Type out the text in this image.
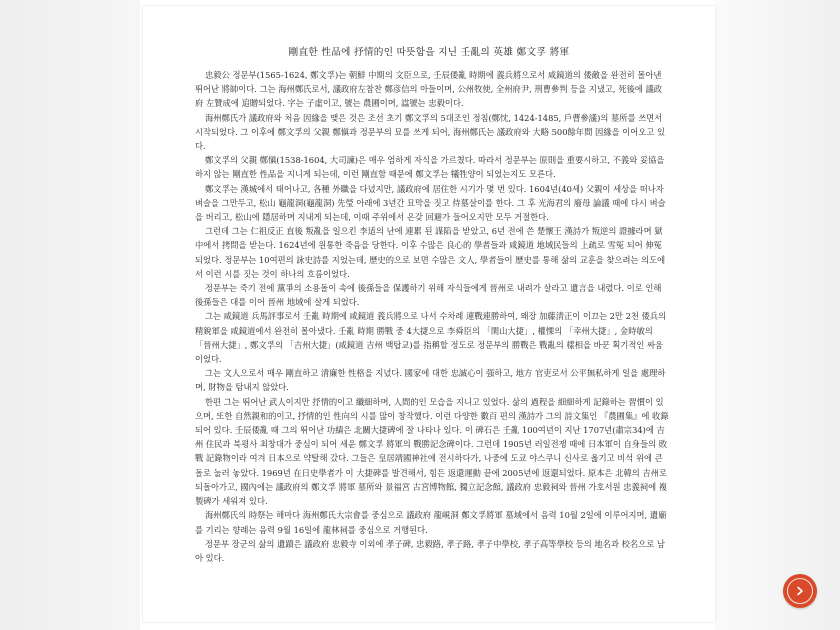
剛直한 性品에 抒情的인 따뜻함을 지닌 壬亂의 英雄 鄭文孚 將軍

忠毅公 정문부(1565-1624, 鄭文孚)는 朝鮮 中期의 文臣으로, 壬辰倭亂 時期에 義兵將으로서 咸鏡道의 倭敵을 완전히 몰아낸 뛰어난 將帥이다. 그는 海州鄭氏로서, 議政府左참찬 鄭彦信의 아들이며, 公州牧使, 全州府尹, 刑曹參判 등을 지냈고, 死後에 議政府 左贊成에 追贈되었다. 字는 子虛이고, 號는 農圃이며, 諡號는 忠毅이다.

海州鄭氏가 議政府와 처음 因緣을 맺은 것은 조선 초기 鄭文孚의 5대조인 정침(鄭忱, 1424-1485, 戶曹參議)의 墓所를 쓰면서 시작되었다. 그 이후에 鄭文孚의 父親 鄭愼과 정문부의 묘를 쓰게 되어, 海州鄭氏는 議政府와 大略 500餘年間 因緣을 이어오고 있다.

鄭文孚의 父親 鄭愼(1538-1604, 大司諫)은 매우 엄하게 자식을 가르쳤다. 따라서 정문부는 原則을 重要시하고, 不義와 妥協을 하지 않는 剛直한 性品을 지니게 되는데, 이런 剛直함 때문에 鄭文孚는 犧牲양이 되었는지도 모른다.

鄭文孚는 漢城에서 태어나고, 各種 外職을 다녔지만, 議政府에 居住한 시기가 몇 번 있다. 1604년(40세) 父親이 세상을 떠나자 벼슬을 그만두고, 松山 龜龍洞(龜龍洞) 先瑩 아래에 3년간 묘막을 짓고 侍墓살이를 한다. 그 후 光海君의 廢母 論議 때에 다시 벼슬을 버리고, 松山에 隱居하며 지내게 되는데, 이때 주위에서 온갖 回避가 들어오지만 모두 거절한다.

그런데 그는 仁祖反正 直後 叛亂을 일으킨 李适의 난에 連累 된 謀陷을 받았고, 6년 전에 쓴 楚懷王 漢詩가 叛逆의 證據라며 獄中에서 拷問을 받는다. 1624년에 원통한 죽음을 당한다. 이후 수많은 良心的 學者들과 咸鏡道 地域民들의 上疏로 雪冤 되어 伸冤되었다. 정문부는 10여편의 詠史詩를 지었는데, 歷史的으로 보면 수많은 文人, 學者들이 歷史를 통해 삶의 교훈을 찾으려는 의도에서 이런 시를 짓는 것이 하나의 흐름이었다.

정문부는 죽기 전에 黨爭의 소용돌이 속에 後孫들을 保護하기 위해 자식들에게 晉州로 내려가 살라고 遺言을 내렸다. 이로 인해 後孫들은 대를 이어 晉州 地域에 살게 되었다.

그는 咸鏡道 兵馬評事로서 壬亂 時期에 咸鏡道 義兵將으로 나서 수차례 連戰連勝하여, 왜장 加藤淸正이 이끄는 2만 2천 倭兵의 精銳軍을 咸鏡道에서 완전히 몰아냈다. 壬亂 時期 勝戰 중 4大捷으로 李舜臣의 「閑山大捷」, 權慄의 「幸州大捷」, 金時敏의 「晉州大捷」, 鄭文孚의 「吉州大捷」(咸鏡道 吉州 백탑교)를 指稱할 정도로 정문부의 勝戰은 戰亂의 樣相을 바꾼 획기적인 싸움이었다.

그는 文人으로서 매우 剛直하고 清廉한 性格을 지녔다. 國家에 대한 忠誠心이 强하고, 地方 官吏로서 公平無私하게 일을 處理하며, 財物을 탐내지 않았다.

한편 그는 뛰어난 武人이지만 抒情的이고 纖細하며, 人間的인 모습을 지니고 있었다. 삶의 過程을 細細하게 記錄하는 習慣이 있으며, 또한 自然親和的이고, 抒情的인 性向의 시를 많이 창작했다. 이런 다양한 數百 편의 漢詩가 그의 詩文集인 『農圃集』에 收錄되어 있다. 壬辰倭亂 때 그의 뛰어난 功績은 北關大捷碑에 잘 나타나 있다. 이 碑石은 壬亂 100여년이 지난 1707년(肅宗34)에 吉州 住民과 북평사 최창대가 중심이 되어 세운 鄭文孚 將軍의 戰勝記念碑이다. 그런데 1905년 러일전쟁 때에 日本軍이 自身들의 敗戰 記錄物이라 여겨 日本으로 약탈해 갔다. 그들은 皇居靖國神社에 전시하다가, 나중에 도쿄 야스쿠니 신사로 옮기고 비석 위에 큰 돌로 눌러 놓았다. 1969년 在日史學者가 이 大捷碑를 발견해서, 힘든 返還運動 끝에 2005년에 返還되었다. 原本은 北韓의 吉州로 되돌아가고, 國內에는 議政府의 鄭文孚 將軍 墓所와 景福宮 古宮博物館, 獨立記念館, 議政府 忠毅祠와 晉州 가호서원 忠義祠에 複製碑가 세워져 있다.

海州鄭氏의 時祭는 해마다 海州鄭氏大宗會를 중심으로 議政府 龍峴洞 鄭文孚將軍 墓域에서 음력 10월 2일에 이루어지며, 遺廟를 기리는 향례는 음력 9월 16일에 龍林祠를 중심으로 거행된다.

정문부 장군의 삶의 遺蹟은 議政府 忠毅寺 이외에 孝子碑, 忠毅路, 孝子路, 孝子中學校, 孝子高等學校 등의 地名과 校名으로 남아 있다.
